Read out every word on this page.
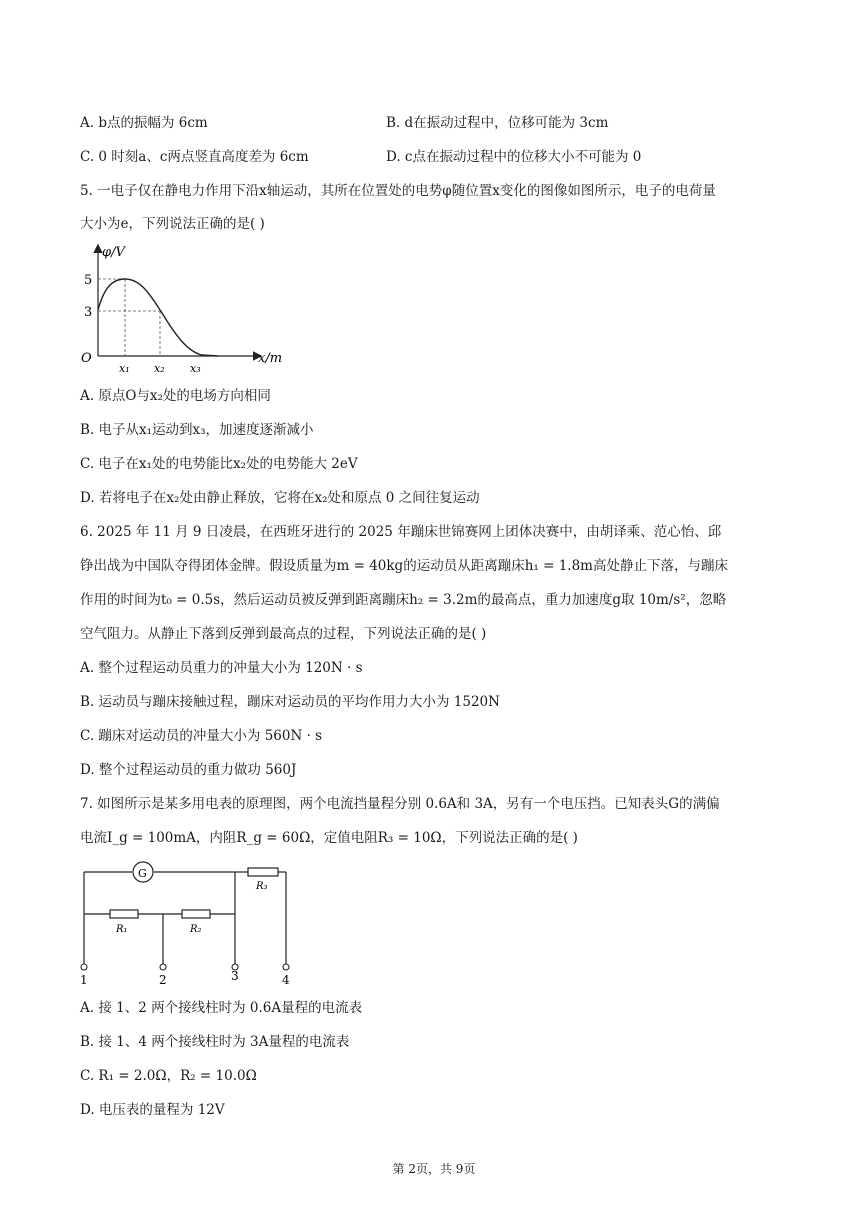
A. b点的振幅为 6cm	B. d在振动过程中，位移可能为 3cm
C. 0 时刻a、c两点竖直高度差为 6cm	D. c点在振动过程中的位移大小不可能为 0
5. 一电子仅在静电力作用下沿x轴运动，其所在位置处的电势φ随位置x变化的图像如图所示，电子的电荷量
大小为e，下列说法正确的是( )
φ/V
x/m
O
5
3
x₁ x₂ x₃
A. 原点O与x₂处的电场方向相同
B. 电子从x₁运动到x₃，加速度逐渐减小
C. 电子在x₁处的电势能比x₂处的电势能大 2eV
D. 若将电子在x₂处由静止释放，它将在x₂处和原点 0 之间往复运动
6. 2025 年 11 月 9 日凌晨，在西班牙进行的 2025 年蹦床世锦赛网上团体决赛中，由胡译乘、范心怡、邱
铮出战为中国队夺得团体金牌。假设质量为m = 40kg的运动员从距离蹦床h₁ = 1.8m高处静止下落，与蹦床
作用的时间为t₀ = 0.5s，然后运动员被反弹到距离蹦床h₂ = 3.2m的最高点，重力加速度g取 10m/s²，忽略
空气阻力。从静止下落到反弹到最高点的过程，下列说法正确的是( )
A. 整个过程运动员重力的冲量大小为 120N · s
B. 运动员与蹦床接触过程，蹦床对运动员的平均作用力大小为 1520N
C. 蹦床对运动员的冲量大小为 560N · s
D. 整个过程运动员的重力做功 560J
7. 如图所示是某多用电表的原理图，两个电流挡量程分别 0.6A和 3A，另有一个电压挡。已知表头G的满偏
电流I_g = 100mA，内阻R_g = 60Ω，定值电阻R₃ = 10Ω，下列说法正确的是( )
G
R₁	R₂
R₃
1	2	3	4
A. 接 1、2 两个接线柱时为 0.6A量程的电流表
B. 接 1、4 两个接线柱时为 3A量程的电流表
C. R₁ = 2.0Ω，R₂ = 10.0Ω
D. 电压表的量程为 12V
第 2页，共 9页
